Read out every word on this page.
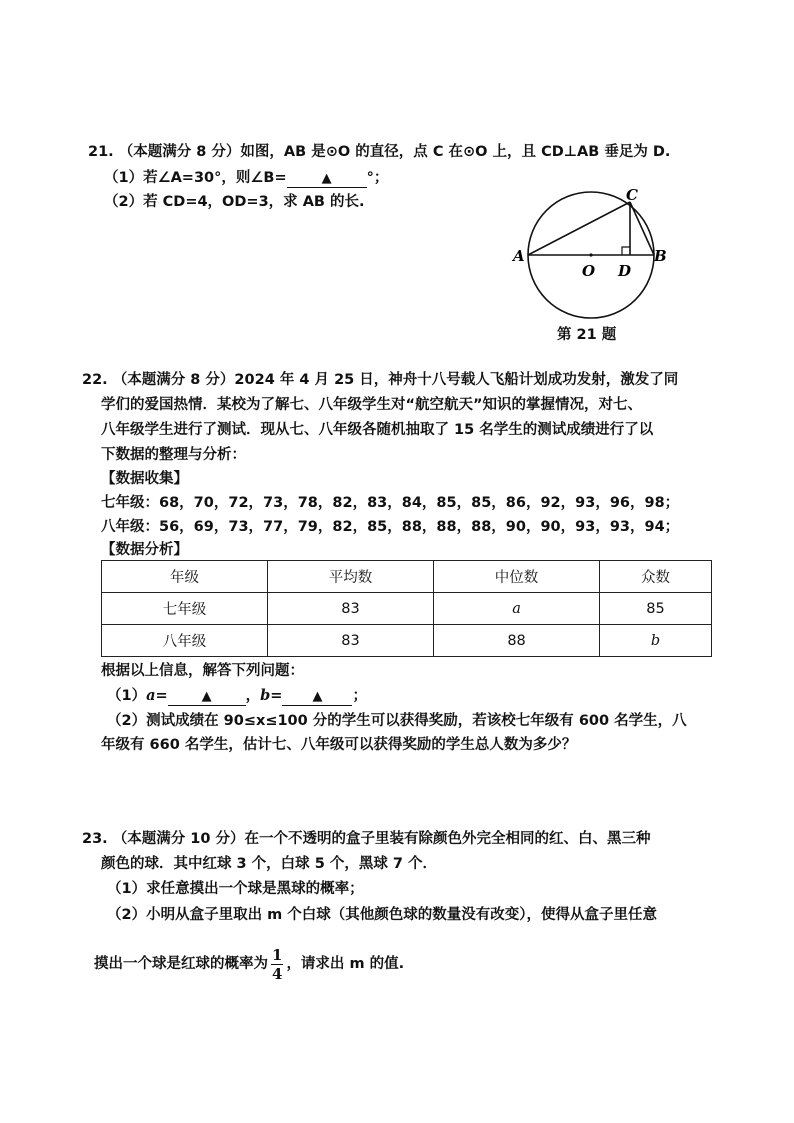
21. （本题满分 8 分）如图，AB 是⊙O 的直径，点 C 在⊙O 上，且 CD⊥AB 垂足为 D.
（1）若∠A=30°，则∠B=	▲ °；
（2）若 CD=4，OD=3，求 AB 的长.
A
O D
B
C
第 21 题
22. （本题满分 8 分）2024 年 4 月 25 日，神舟十八号载人飞船计划成功发射，激发了同
学们的爱国热情．某校为了解七、八年级学生对“航空航天”知识的掌握情况，对七、
八年级学生进行了测试．现从七、八年级各随机抽取了 15 名学生的测试成绩进行了以
下数据的整理与分析：
【数据收集】
七年级：68，70，72，73，78，82，83，84，85，85，86，92，93，96，98；
八年级：56，69，73，77，79，82，85，88，88，88，90，90，93，93，94；
【数据分析】
年级	平均数	中位数	众数
七年级	83	a	85
八年级	83	88	b
根据以上信息，解答下列问题：
（1）a=	▲ ，b= ▲ ；
（2）测试成绩在 90≤x≤100 分的学生可以获得奖励，若该校七年级有 600 名学生，八
年级有 660 名学生，估计七、八年级可以获得奖励的学生总人数为多少？
23. （本题满分 10 分）在一个不透明的盒子里装有除颜色外完全相同的红、白、黑三种
颜色的球．其中红球 3 个，白球 5 个，黑球 7 个．
（1）求任意摸出一个球是黑球的概率；
（2）小明从盒子里取出 m 个白球（其他颜色球的数量没有改变），使得从盒子里任意
摸出一个球是红球的概率为 $\frac{1}{4}$ ，请求出 m 的值.
